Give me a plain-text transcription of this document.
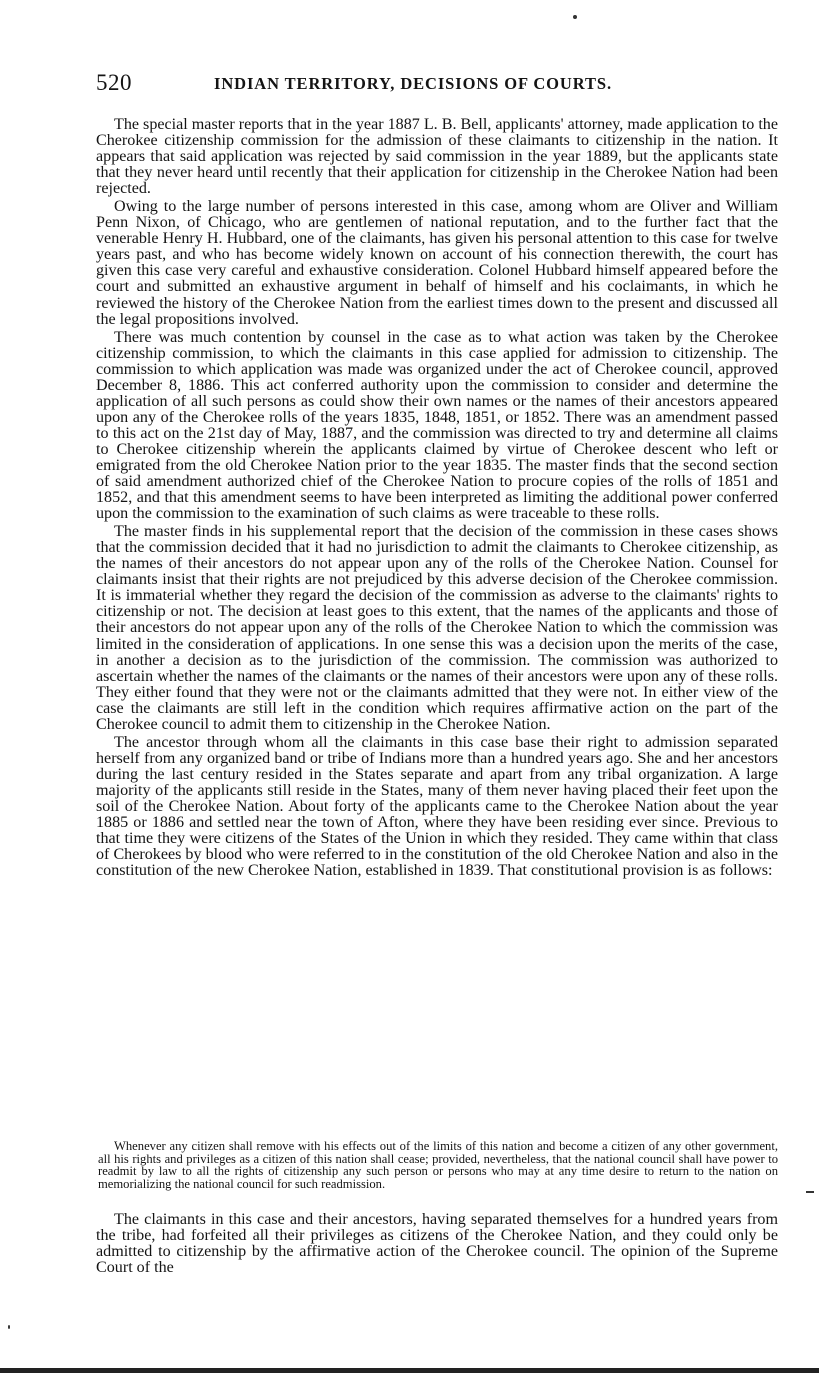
520	INDIAN TERRITORY, DECISIONS OF COURTS.

The special master reports that in the year 1887 L. B. Bell, applicants' attorney, made application to the Cherokee citizenship commission for the admission of these claimants to citizenship in the nation. It appears that said application was rejected by said commission in the year 1889, but the applicants state that they never heard until recently that their application for citizenship in the Cherokee Nation had been rejected.

Owing to the large number of persons interested in this case, among whom are Oliver and William Penn Nixon, of Chicago, who are gentlemen of national reputation, and to the further fact that the venerable Henry H. Hubbard, one of the claimants, has given his personal attention to this case for twelve years past, and who has become widely known on account of his connection therewith, the court has given this case very careful and exhaustive consideration. Colonel Hubbard himself appeared before the court and submitted an exhaustive argument in behalf of himself and his coclaimants, in which he reviewed the history of the Cherokee Nation from the earliest times down to the present and discussed all the legal propositions involved.

There was much contention by counsel in the case as to what action was taken by the Cherokee citizenship commission, to which the claimants in this case applied for admission to citizenship. The commission to which application was made was organized under the act of Cherokee council, approved December 8, 1886. This act conferred authority upon the commission to consider and determine the application of all such persons as could show their own names or the names of their ancestors appeared upon any of the Cherokee rolls of the years 1835, 1848, 1851, or 1852. There was an amendment passed to this act on the 21st day of May, 1887, and the commission was directed to try and determine all claims to Cherokee citizenship wherein the applicants claimed by virtue of Cherokee descent who left or emigrated from the old Cherokee Nation prior to the year 1835. The master finds that the second section of said amendment authorized chief of the Cherokee Nation to procure copies of the rolls of 1851 and 1852, and that this amendment seems to have been interpreted as limiting the additional power conferred upon the commission to the examination of such claims as were traceable to these rolls.

The master finds in his supplemental report that the decision of the commission in these cases shows that the commission decided that it had no jurisdiction to admit the claimants to Cherokee citizenship, as the names of their ancestors do not appear upon any of the rolls of the Cherokee Nation. Counsel for claimants insist that their rights are not prejudiced by this adverse decision of the Cherokee commission. It is immaterial whether they regard the decision of the commission as adverse to the claimants' rights to citizenship or not. The decision at least goes to this extent, that the names of the applicants and those of their ancestors do not appear upon any of the rolls of the Cherokee Nation to which the commission was limited in the consideration of applications. In one sense this was a decision upon the merits of the case, in another a decision as to the jurisdiction of the commission. The commission was authorized to ascertain whether the names of the claimants or the names of their ancestors were upon any of these rolls. They either found that they were not or the claimants admitted that they were not. In either view of the case the claimants are still left in the condition which requires affirmative action on the part of the Cherokee council to admit them to citizenship in the Cherokee Nation.

The ancestor through whom all the claimants in this case base their right to admission separated herself from any organized band or tribe of Indians more than a hundred years ago. She and her ancestors during the last century resided in the States separate and apart from any tribal organization. A large majority of the applicants still reside in the States, many of them never having placed their feet upon the soil of the Cherokee Nation. About forty of the applicants came to the Cherokee Nation about the year 1885 or 1886 and settled near the town of Afton, where they have been residing ever since. Previous to that time they were citizens of the States of the Union in which they resided. They came within that class of Cherokees by blood who were referred to in the constitution of the old Cherokee Nation and also in the constitution of the new Cherokee Nation, established in 1839. That constitutional provision is as follows:

Whenever any citizen shall remove with his effects out of the limits of this nation and become a citizen of any other government, all his rights and privileges as a citizen of this nation shall cease; provided, nevertheless, that the national council shall have power to readmit by law to all the rights of citizenship any such person or persons who may at any time desire to return to the nation on memorializing the national council for such readmission.

The claimants in this case and their ancestors, having separated themselves for a hundred years from the tribe, had forfeited all their privileges as citizens of the Cherokee Nation, and they could only be admitted to citizenship by the affirmative action of the Cherokee council. The opinion of the Supreme Court of the
